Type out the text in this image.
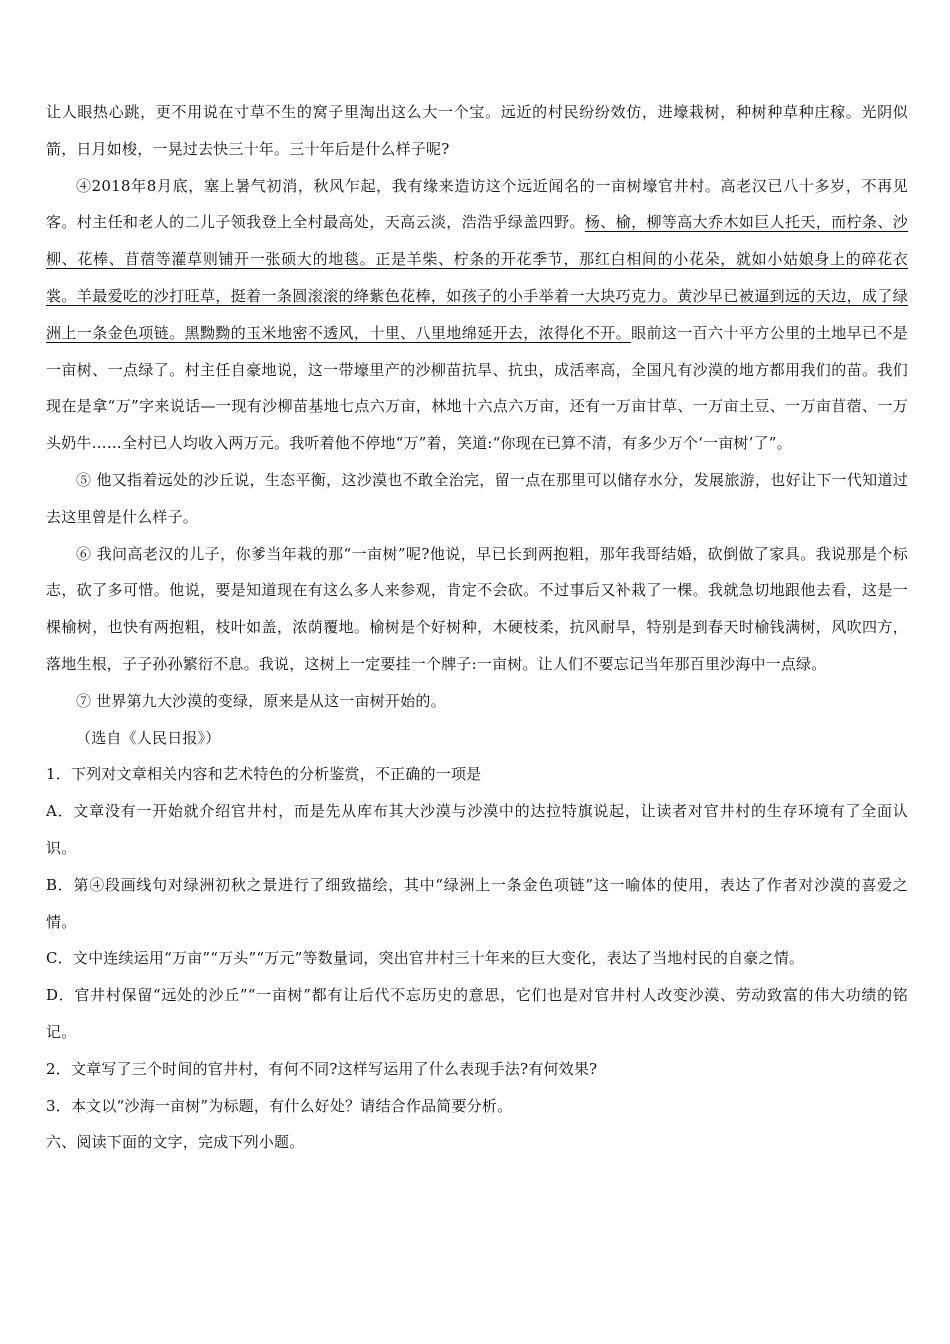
让人眼热心跳，更不用说在寸草不生的窝子里淘出这么大一个宝。远近的村民纷纷效仿，进壕栽树，种树种草种庄稼。光阴似箭，日月如梭，一晃过去快三十年。三十年后是什么样子呢?

④2018年8月底，塞上暑气初消，秋风乍起，我有缘来造访这个远近闻名的一亩树壕官井村。高老汉已八十多岁，不再见客。村主任和老人的二儿子领我登上全村最高处，天高云淡，浩浩乎绿盖四野。杨、榆，柳等高大乔木如巨人托天，而柠条、沙柳、花棒、苜蓿等灌草则铺开一张硕大的地毯。正是羊柴、柠条的开花季节，那红白相间的小花朵，就如小姑娘身上的碎花衣裳。羊最爱吃的沙打旺草，挺着一条圆滚滚的绛紫色花棒，如孩子的小手举着一大块巧克力。黄沙早已被逼到远的天边，成了绿洲上一条金色项链。黑黝黝的玉米地密不透风，十里、八里地绵延开去，浓得化不开。眼前这一百六十平方公里的土地早已不是一亩树、一点绿了。村主任自豪地说，这一带壕里产的沙柳苗抗旱、抗虫，成活率高，全国凡有沙漠的地方都用我们的苗。我们现在是拿“万”字来说话—一现有沙柳苗基地七点六万亩，林地十六点六万亩，还有一万亩甘草、一万亩土豆、一万亩苜蓿、一万头奶牛……全村已人均收入两万元。我听着他不停地“万”着，笑道:“你现在已算不清，有多少万个‘一亩树’了”。

⑤ 他又指着远处的沙丘说，生态平衡，这沙漠也不敢全治完，留一点在那里可以储存水分，发展旅游，也好让下一代知道过去这里曾是什么样子。

⑥ 我问高老汉的儿子，你爹当年栽的那“一亩树”呢?他说，早已长到两抱粗，那年我哥结婚，砍倒做了家具。我说那是个标志，砍了多可惜。他说，要是知道现在有这么多人来参观，肯定不会砍。不过事后又补栽了一棵。我就急切地跟他去看，这是一棵榆树，也快有两抱粗，枝叶如盖，浓荫覆地。榆树是个好树种，木硬枝柔，抗风耐旱，特别是到春天时榆钱满树，风吹四方，落地生根，子子孙孙繁衍不息。我说，这树上一定要挂一个牌子:一亩树。让人们不要忘记当年那百里沙海中一点绿。

⑦ 世界第九大沙漠的变绿，原来是从这一亩树开始的。

（选自《人民日报》）

1．下列对文章相关内容和艺术特色的分析鉴赏，不正确的一项是

A．文章没有一开始就介绍官井村，而是先从库布其大沙漠与沙漠中的达拉特旗说起，让读者对官井村的生存环境有了全面认识。

B．第④段画线句对绿洲初秋之景进行了细致描绘，其中“绿洲上一条金色项链”这一喻体的使用，表达了作者对沙漠的喜爱之情。

C．文中连续运用“万亩”“万头”“万元”等数量词，突出官井村三十年来的巨大变化，表达了当地村民的自豪之情。

D．官井村保留“远处的沙丘”“一亩树”都有让后代不忘历史的意思，它们也是对官井村人改变沙漠、劳动致富的伟大功绩的铭记。

2．文章写了三个时间的官井村，有何不同?这样写运用了什么表现手法?有何效果?

3．本文以“沙海一亩树”为标题，有什么好处？请结合作品简要分析。

六、阅读下面的文字，完成下列小题。
